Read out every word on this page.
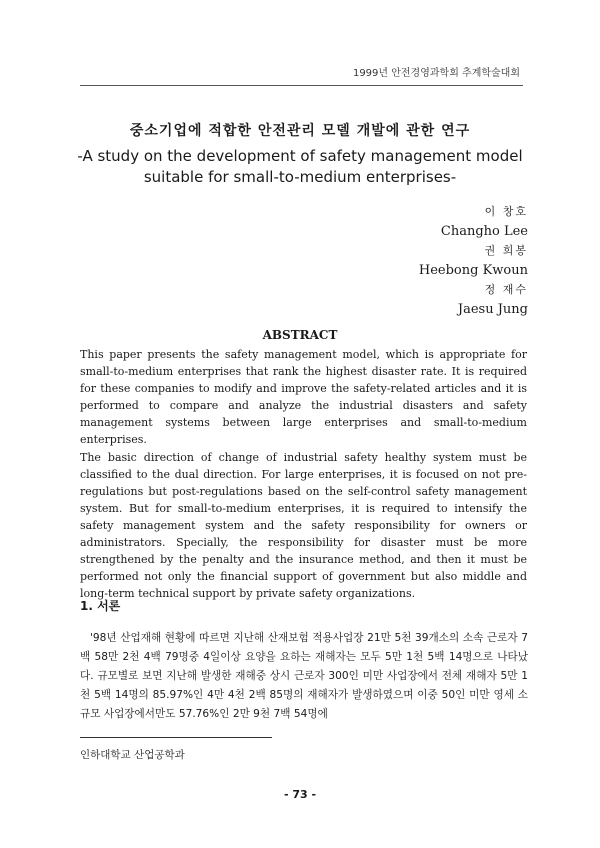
1999년 안전경영과학회 추계학술대회
중소기업에 적합한 안전관리 모델 개발에 관한 연구
-A study on the development of safety management model
suitable for small-to-medium enterprises-
이 창호
Changho Lee
권 희봉
Heebong Kwoun
정 재수
Jaesu Jung
ABSTRACT

This paper presents the safety management model, which is appropriate for small-to-medium enterprises that rank the highest disaster rate. It is required for these companies to modify and improve the safety-related articles and it is performed to compare and analyze the industrial disasters and safety management systems between large enterprises and small-to-medium enterprises.

The basic direction of change of industrial safety healthy system must be classified to the dual direction. For large enterprises, it is focused on not pre-regulations but post-regulations based on the self-control safety management system. But for small-to-medium enterprises, it is required to intensify the safety management system and the safety responsibility for owners or administrators. Specially, the responsibility for disaster must be more strengthened by the penalty and the insurance method, and then it must be performed not only the financial support of government but also middle and long-term technical support by private safety organizations.

1. 서론

'98년 산업재해 현황에 따르면 지난해 산재보험 적용사업장 21만 5천 39개소의 소속 근로자 7백 58만 2천 4백 79명중 4일이상 요양을 요하는 재해자는 모두 5만 1천 5백 14명으로 나타났다. 규모별로 보면 지난해 발생한 재해중 상시 근로자 300인 미만 사업장에서 전체 재해자 5만 1천 5백 14명의 85.97%인 4만 4천 2백 85명의 재해자가 발생하였으며 이중 50인 미만 영세 소규모 사업장에서만도 57.76%인 2만 9천 7백 54명에

인하대학교 산업공학과
- 73 -
